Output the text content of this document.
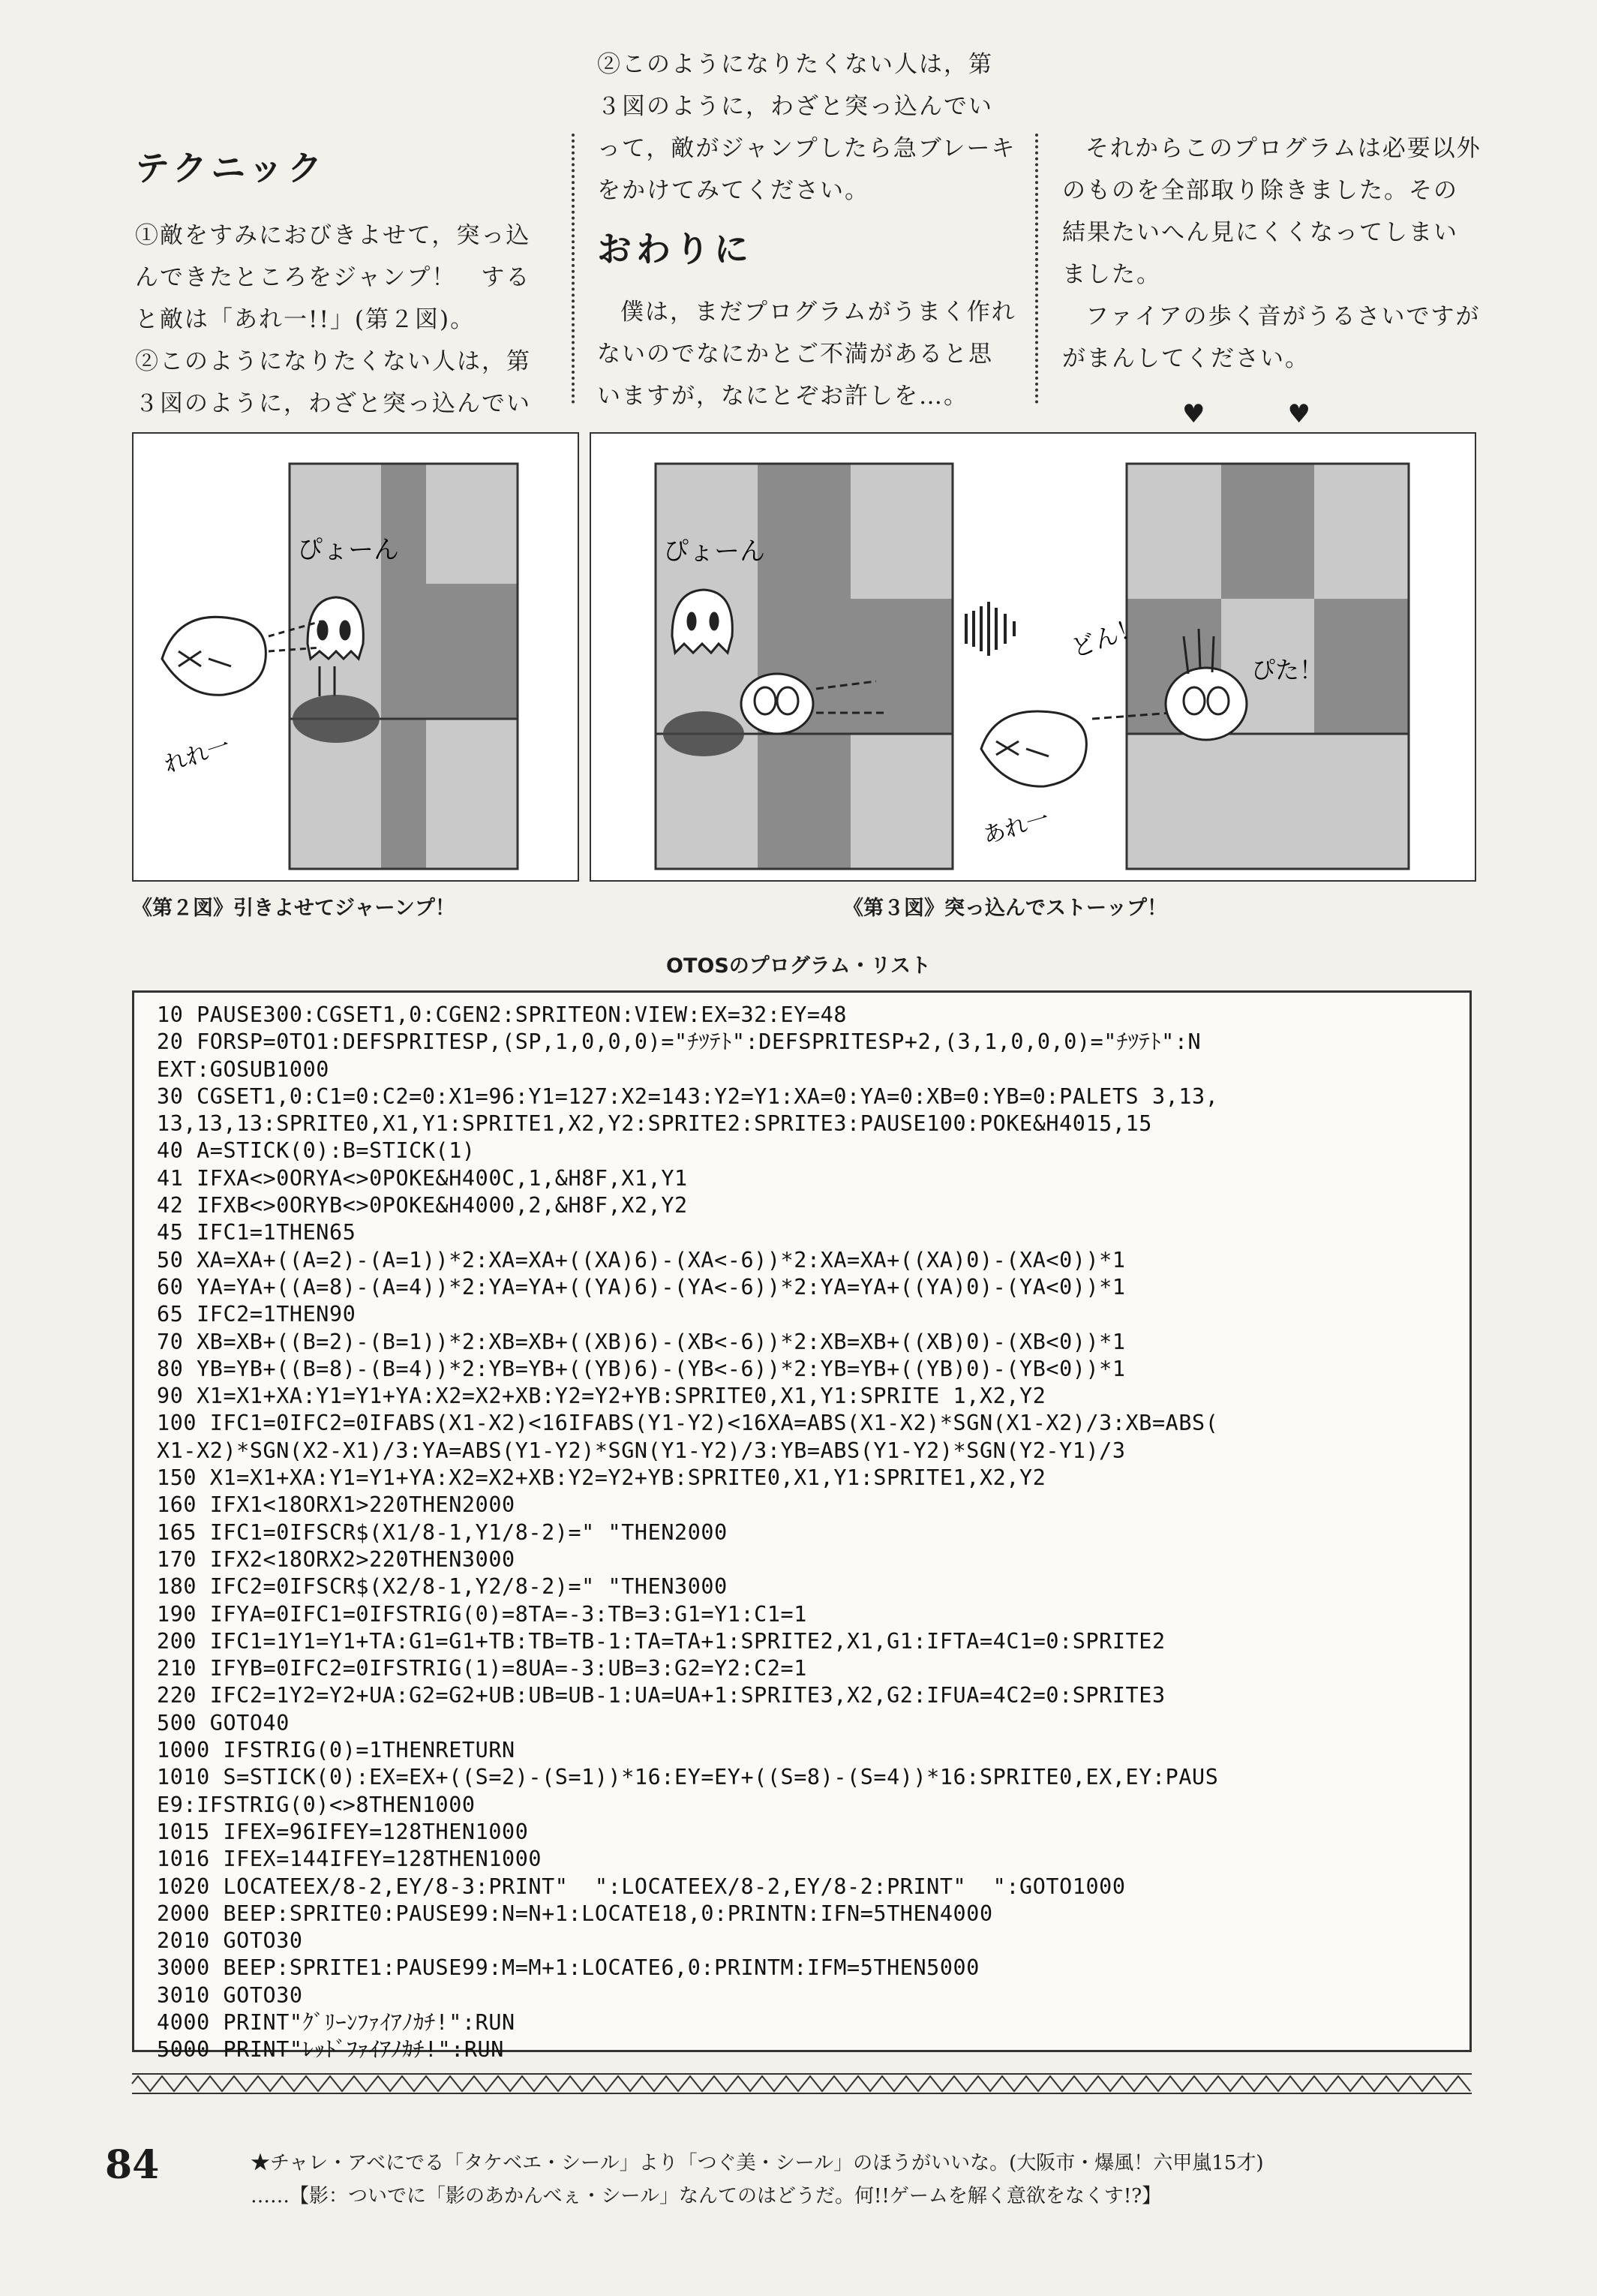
テクニック

①敵をすみにおびきよせて，突っ込んできたところをジャンプ！　すると敵は「あれ一!!」(第２図)。

②このようになりたくない人は，第３図のように，わざと突っ込んでい

②このようになりたくない人は，第３図のように，わざと突っ込んでいって，敵がジャンプしたら急ブレーキをかけてみてください。

おわりに

僕は，まだプログラムがうまく作れないのでなにかとご不満があると思いますが，なにとぞお許しを…。

それからこのプログラムは必要以外のものを全部取り除きました。その結果たいへん見にくくなってしまいました。

ファイアの歩く音がうるさいですががまんしてください。

♥　　　♥

ぴょーん
れれ一
ぴょーん
どん！
あれ一
ぴた！
《第２図》引きよせてジャーンプ！	《第３図》突っ込んでストーップ！
OTOSのプログラム・リスト
10 PAUSE300:CGSET1,0:CGEN2:SPRITEON:VIEW:EX=32:EY=48
20 FORSP=0TO1:DEFSPRITESP,(SP,1,0,0,0)="ﾁﾂﾃﾄ":DEFSPRITESP+2,(3,1,0,0,0)="ﾁﾂﾃﾄ":N
EXT:GOSUB1000
30 CGSET1,0:C1=0:C2=0:X1=96:Y1=127:X2=143:Y2=Y1:XA=0:YA=0:XB=0:YB=0:PALETS 3,13,
13,13,13:SPRITE0,X1,Y1:SPRITE1,X2,Y2:SPRITE2:SPRITE3:PAUSE100:POKE&H4015,15
40 A=STICK(0):B=STICK(1)
41 IFXA<>0ORYA<>0POKE&H400C,1,&H8F,X1,Y1
42 IFXB<>0ORYB<>0POKE&H4000,2,&H8F,X2,Y2
45 IFC1=1THEN65
50 XA=XA+((A=2)-(A=1))*2:XA=XA+((XA)6)-(XA<-6))*2:XA=XA+((XA)0)-(XA<0))*1
60 YA=YA+((A=8)-(A=4))*2:YA=YA+((YA)6)-(YA<-6))*2:YA=YA+((YA)0)-(YA<0))*1
65 IFC2=1THEN90
70 XB=XB+((B=2)-(B=1))*2:XB=XB+((XB)6)-(XB<-6))*2:XB=XB+((XB)0)-(XB<0))*1
80 YB=YB+((B=8)-(B=4))*2:YB=YB+((YB)6)-(YB<-6))*2:YB=YB+((YB)0)-(YB<0))*1
90 X1=X1+XA:Y1=Y1+YA:X2=X2+XB:Y2=Y2+YB:SPRITE0,X1,Y1:SPRITE 1,X2,Y2
100 IFC1=0IFC2=0IFABS(X1-X2)<16IFABS(Y1-Y2)<16XA=ABS(X1-X2)*SGN(X1-X2)/3:XB=ABS(
X1-X2)*SGN(X2-X1)/3:YA=ABS(Y1-Y2)*SGN(Y1-Y2)/3:YB=ABS(Y1-Y2)*SGN(Y2-Y1)/3
150 X1=X1+XA:Y1=Y1+YA:X2=X2+XB:Y2=Y2+YB:SPRITE0,X1,Y1:SPRITE1,X2,Y2
160 IFX1<18ORX1>220THEN2000
165 IFC1=0IFSCR$(X1/8-1,Y1/8-2)=" "THEN2000
170 IFX2<18ORX2>220THEN3000
180 IFC2=0IFSCR$(X2/8-1,Y2/8-2)=" "THEN3000
190 IFYA=0IFC1=0IFSTRIG(0)=8TA=-3:TB=3:G1=Y1:C1=1
200 IFC1=1Y1=Y1+TA:G1=G1+TB:TB=TB-1:TA=TA+1:SPRITE2,X1,G1:IFTA=4C1=0:SPRITE2
210 IFYB=0IFC2=0IFSTRIG(1)=8UA=-3:UB=3:G2=Y2:C2=1
220 IFC2=1Y2=Y2+UA:G2=G2+UB:UB=UB-1:UA=UA+1:SPRITE3,X2,G2:IFUA=4C2=0:SPRITE3
500 GOTO40
1000 IFSTRIG(0)=1THENRETURN
1010 S=STICK(0):EX=EX+((S=2)-(S=1))*16:EY=EY+((S=8)-(S=4))*16:SPRITE0,EX,EY:PAUS
E9:IFSTRIG(0)<>8THEN1000
1015 IFEX=96IFEY=128THEN1000
1016 IFEX=144IFEY=128THEN1000
1020 LOCATEEX/8-2,EY/8-3:PRINT"  ":LOCATEEX/8-2,EY/8-2:PRINT"  ":GOTO1000
2000 BEEP:SPRITE0:PAUSE99:N=N+1:LOCATE18,0:PRINTN:IFN=5THEN4000
2010 GOTO30
3000 BEEP:SPRITE1:PAUSE99:M=M+1:LOCATE6,0:PRINTM:IFM=5THEN5000
3010 GOTO30
4000 PRINT"ｸﾞﾘｰﾝﾌｧｲｱﾉｶﾁ!":RUN
5000 PRINT"ﾚｯﾄﾞﾌｧｲｱﾉｶﾁ!":RUN
84	★チャレ・アベにでる「タケベエ・シール」より「つぐ美・シール」のほうがいいな。(大阪市・爆風！六甲嵐15才)
……【影：ついでに「影のあかんべぇ・シール」なんてのはどうだ。何!!ゲームを解く意欲をなくす!?】
